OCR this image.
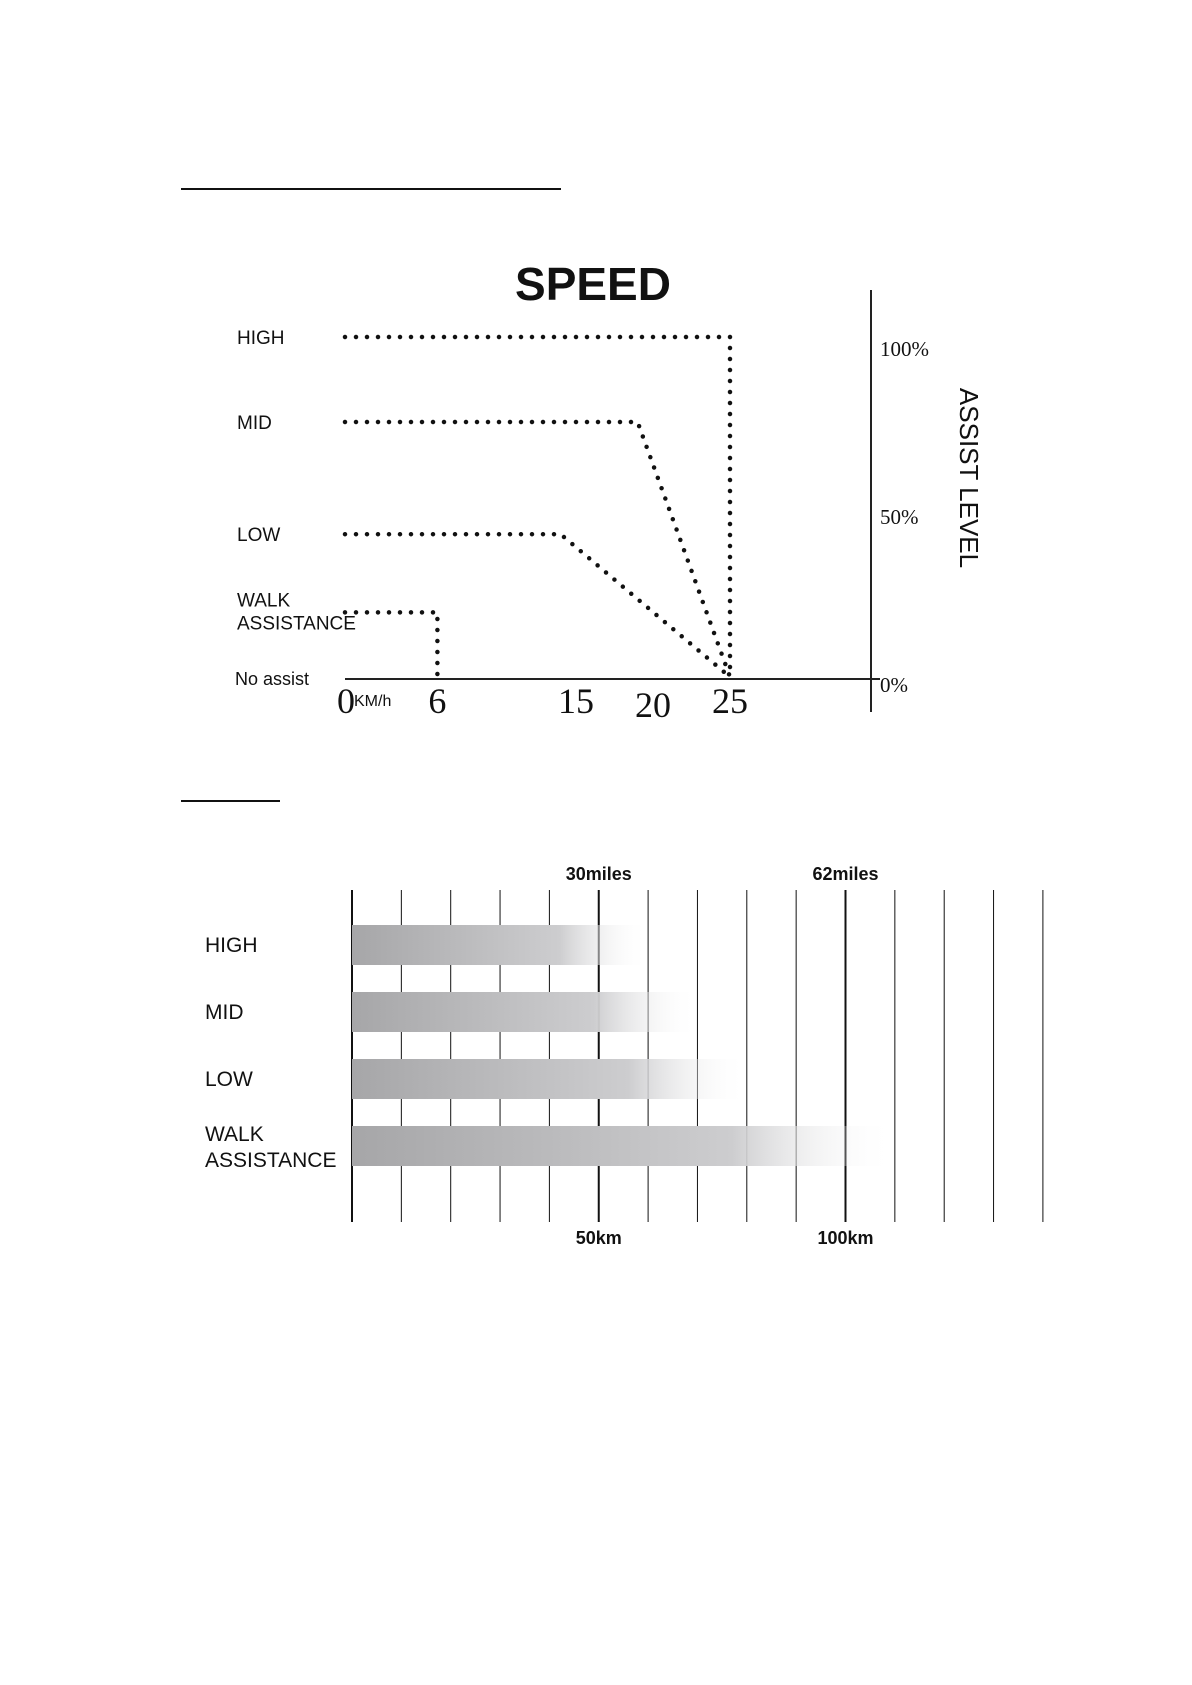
SPEED
ASSIST LEVEL
No assist
KM/h
0 6	15 20 25
100%
50%
0%
HIGH
MID
LOW
WALK ASSISTANCE
30miles	62miles
50km	100km
HIGH
MID
LOW
WALK ASSISTANCE
